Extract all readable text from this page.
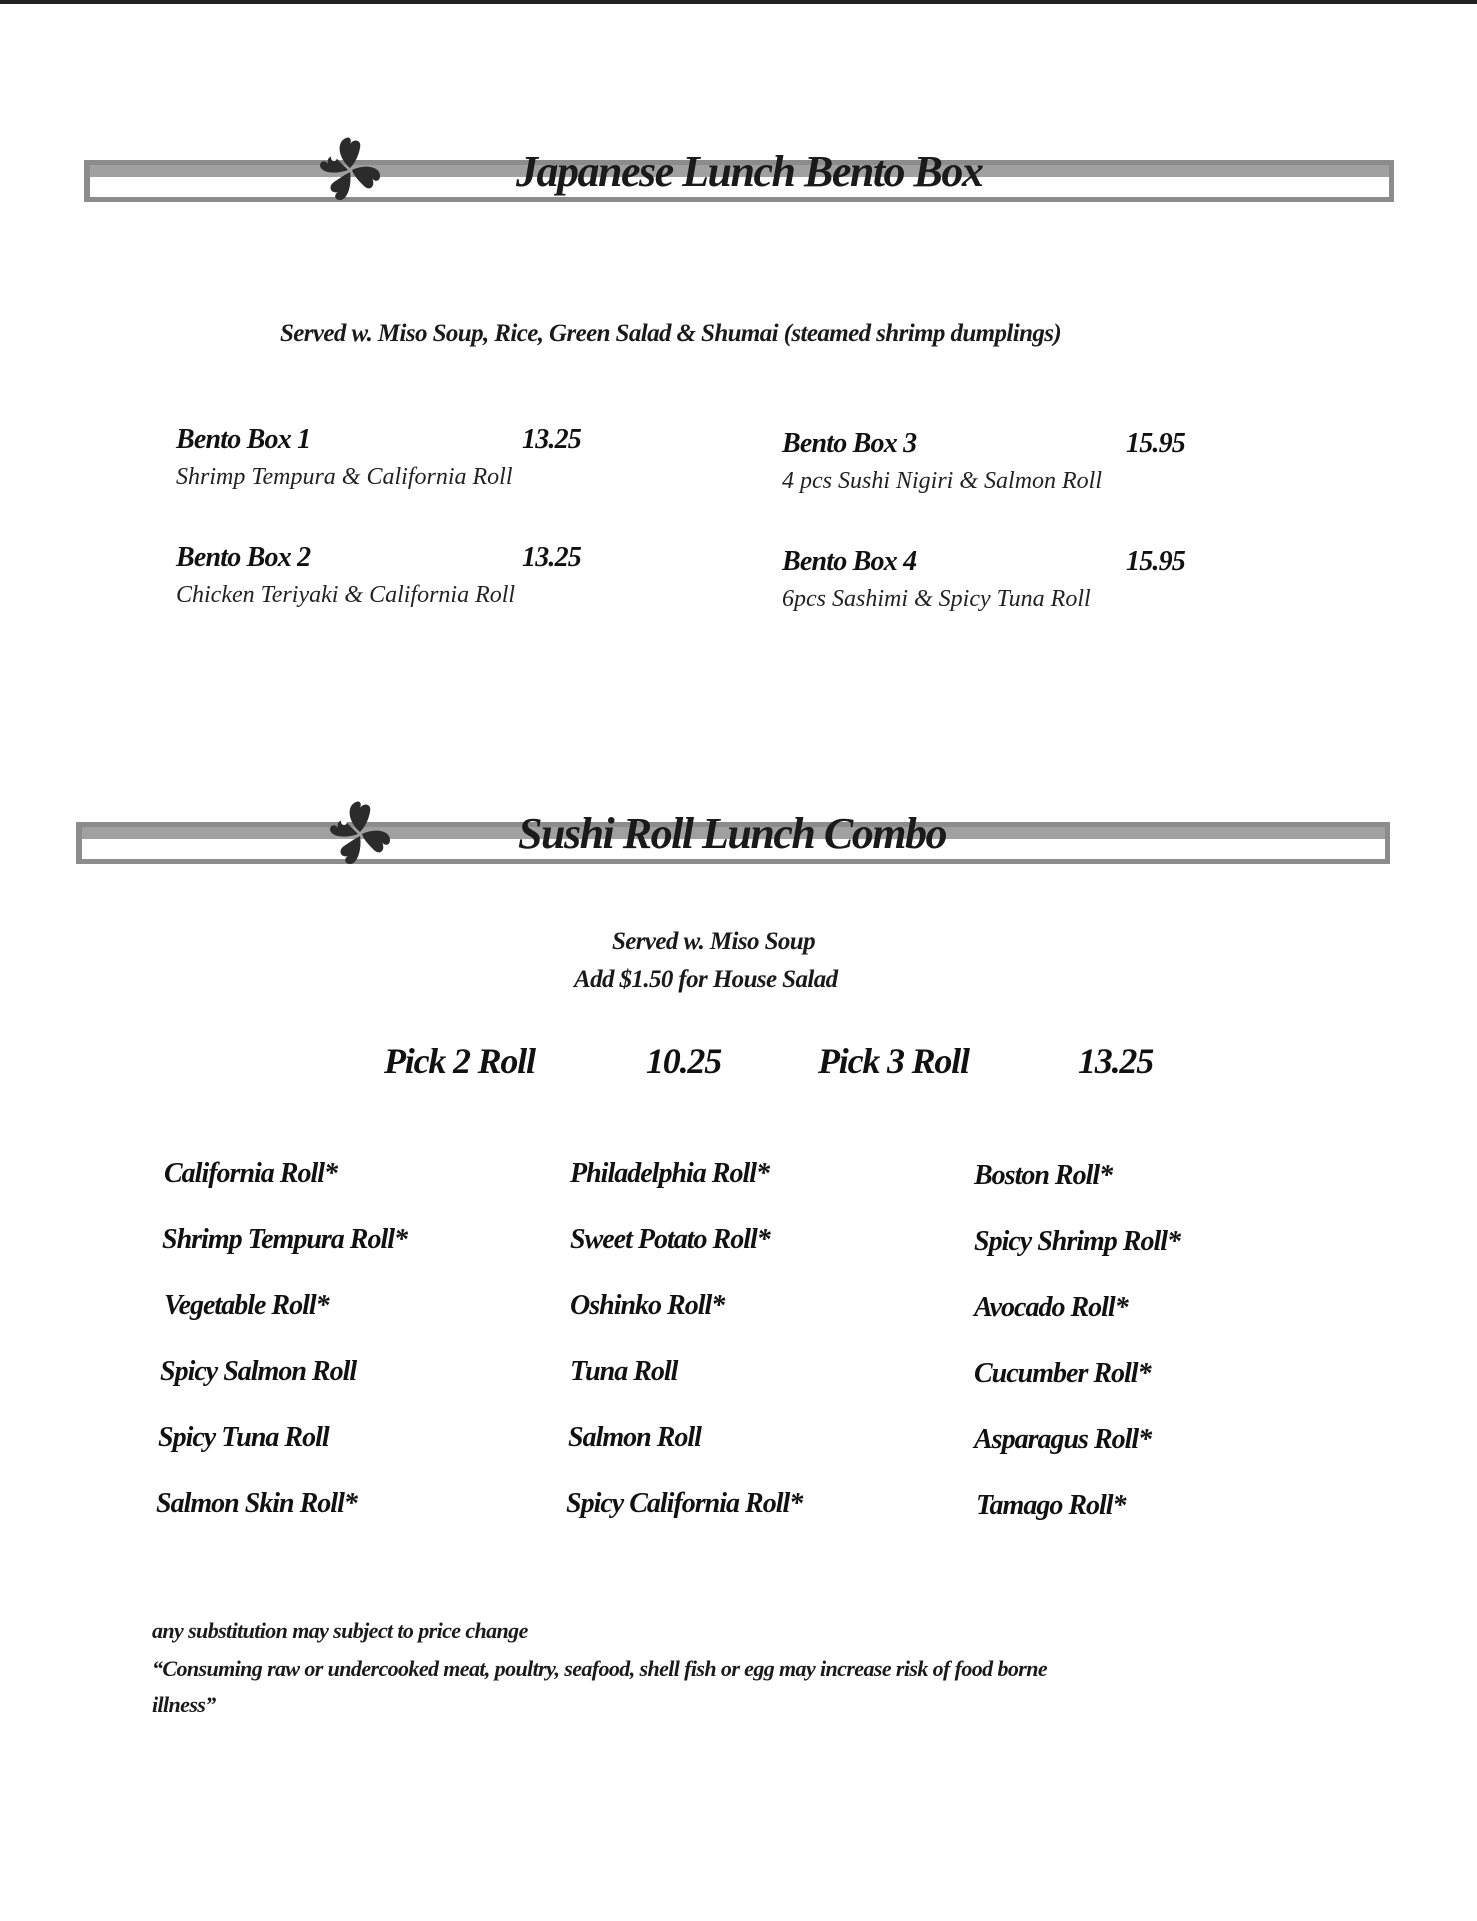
Japanese Lunch Bento Box
Served w. Miso Soup, Rice, Green Salad & Shumai (steamed shrimp dumplings)
Bento Box 1	13.25
Shrimp Tempura & California Roll
Bento Box 2	13.25
Chicken Teriyaki & California Roll
Bento Box 3	15.95
4 pcs Sushi Nigiri & Salmon Roll
Bento Box 4	15.95
6pcs Sashimi & Spicy Tuna Roll
Sushi Roll Lunch Combo
Served w. Miso Soup
Add $1.50 for House Salad
Pick 2 Roll	10.25	Pick 3 Roll	13.25
California Roll*
Shrimp Tempura Roll*
Vegetable Roll*
Spicy Salmon Roll
Spicy Tuna Roll
Salmon Skin Roll*
Philadelphia Roll*
Sweet Potato Roll*
Oshinko Roll*
Tuna Roll
Salmon Roll
Spicy California Roll*
Boston Roll*
Spicy Shrimp Roll*
Avocado Roll*
Cucumber Roll*
Asparagus Roll*
Tamago Roll*
any substitution may subject to price change
“Consuming raw or undercooked meat, poultry, seafood, shell fish or egg may increase risk of food borne
illness”
